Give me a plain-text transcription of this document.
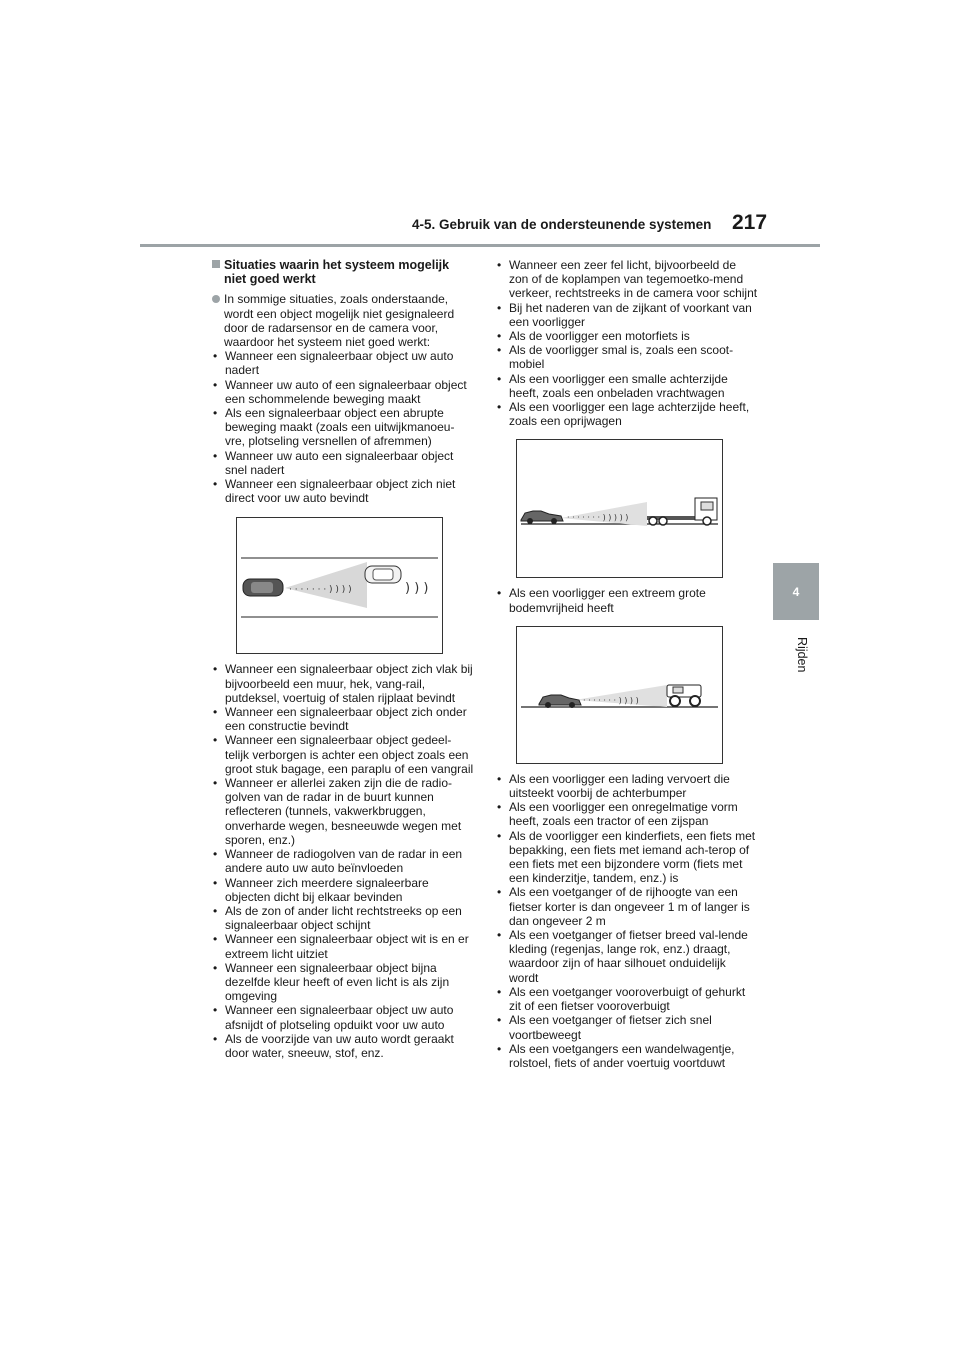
4-5. Gebruik van de ondersteunende systemen 217
4
Rijden
Situaties waarin het systeem mogelijk niet goed werkt
In sommige situaties, zoals onderstaande, wordt een object mogelijk niet gesignaleerd door de radarsensor en de camera voor, waardoor het systeem niet goed werkt:
• Wanneer een signaleerbaar object uw auto nadert
• Wanneer uw auto of een signaleerbaar object een schommelende beweging maakt
• Als een signaleerbaar object een abrupte beweging maakt (zoals een uitwijkmanoeu-vre, plotseling versnellen of afremmen)
• Wanneer uw auto een signaleerbaar object snel nadert
• Wanneer een signaleerbaar object zich niet direct voor uw auto bevindt
· · · · · · · ) ) ) )	) ) )
• Wanneer een signaleerbaar object zich vlak bij bijvoorbeeld een muur, hek, vang-rail, putdeksel, voertuig of stalen rijplaat bevindt
• Wanneer een signaleerbaar object zich onder een constructie bevindt
• Wanneer een signaleerbaar object gedeel-telijk verborgen is achter een object zoals een groot stuk bagage, een paraplu of een vangrail
• Wanneer er allerlei zaken zijn die de radio-golven van de radar in de buurt kunnen reflecteren (tunnels, vakwerkbruggen, onverharde wegen, besneeuwde wegen met sporen, enz.)
• Wanneer de radiogolven van de radar in een andere auto uw auto beïnvloeden
• Wanneer zich meerdere signaleerbare objecten dicht bij elkaar bevinden
• Als de zon of ander licht rechtstreeks op een signaleerbaar object schijnt
• Wanneer een signaleerbaar object wit is en er extreem licht uitziet
• Wanneer een signaleerbaar object bijna dezelfde kleur heeft of even licht is als zijn omgeving
• Wanneer een signaleerbaar object uw auto afsnijdt of plotseling opduikt voor uw auto
• Als de voorzijde van uw auto wordt geraakt door water, sneeuw, stof, enz.
• Wanneer een zeer fel licht, bijvoorbeeld de zon of de koplampen van tegemoetko-mend verkeer, rechtstreeks in de camera voor schijnt
• Bij het naderen van de zijkant of voorkant van een voorligger
• Als de voorligger een motorfiets is
• Als de voorligger smal is, zoals een scoot-mobiel
• Als een voorligger een smalle achterzijde heeft, zoals een onbeladen vrachtwagen
• Als een voorligger een lage achterzijde heeft, zoals een oprijwagen
· · · · · · · ) ) ) ) )
• Als een voorligger een extreem grote bodemvrijheid heeft
· · · · · · · ) ) ) )
• Als een voorligger een lading vervoert die uitsteekt voorbij de achterbumper
• Als een voorligger een onregelmatige vorm heeft, zoals een tractor of een zijspan
• Als de voorligger een kinderfiets, een fiets met bepakking, een fiets met iemand ach-terop of een fiets met een bijzondere vorm (fiets met een kinderzitje, tandem, enz.) is
• Als een voetganger of de rijhoogte van een fietser korter is dan ongeveer 1 m of langer is dan ongeveer 2 m
• Als een voetganger of fietser breed val-lende kleding (regenjas, lange rok, enz.) draagt, waardoor zijn of haar silhouet onduidelijk wordt
• Als een voetganger vooroverbuigt of gehurkt zit of een fietser vooroverbuigt
• Als een voetganger of fietser zich snel voortbeweegt
• Als een voetgangers een wandelwagentje, rolstoel, fiets of ander voertuig voortduwt
